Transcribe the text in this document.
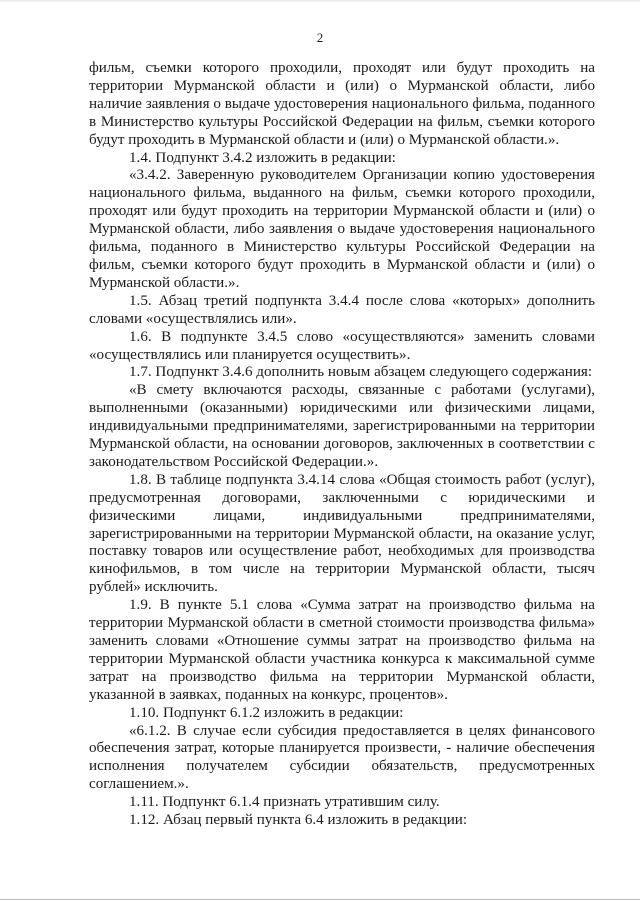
2

фильм, съемки которого проходили, проходят или будут проходить на территории Мурманской области и (или) о Мурманской области, либо наличие заявления о выдаче удостоверения национального фильма, поданного в Министерство культуры Российской Федерации на фильм, съемки которого будут проходить в Мурманской области и (или) о Мурманской области.».

1.4. Подпункт 3.4.2 изложить в редакции:

«3.4.2. Заверенную руководителем Организации копию удостоверения национального фильма, выданного на фильм, съемки которого проходили, проходят или будут проходить на территории Мурманской области и (или) о Мурманской области, либо заявления о выдаче удостоверения национального фильма, поданного в Министерство культуры Российской Федерации на фильм, съемки которого будут проходить в Мурманской области и (или) о Мурманской области.».

1.5. Абзац третий подпункта 3.4.4 после слова «которых» дополнить словами «осуществлялись или».

1.6. В подпункте 3.4.5 слово «осуществляются» заменить словами «осуществлялись или планируется осуществить».

1.7. Подпункт 3.4.6 дополнить новым абзацем следующего содержания:

«В смету включаются расходы, связанные с работами (услугами), выполненными (оказанными) юридическими или физическими лицами, индивидуальными предпринимателями, зарегистрированными на территории Мурманской области, на основании договоров, заключенных в соответствии с законодательством Российской Федерации.».

1.8. В таблице подпункта 3.4.14 слова «Общая стоимость работ (услуг), предусмотренная договорами, заключенными с юридическими и физическими лицами, индивидуальными предпринимателями, зарегистрированными на территории Мурманской области, на оказание услуг, поставку товаров или осуществление работ, необходимых для производства кинофильмов, в том числе на территории Мурманской области, тысяч рублей» исключить.

1.9. В пункте 5.1 слова «Сумма затрат на производство фильма на территории Мурманской области в сметной стоимости производства фильма» заменить словами «Отношение суммы затрат на производство фильма на территории Мурманской области участника конкурса к максимальной сумме затрат на производство фильма на территории Мурманской области, указанной в заявках, поданных на конкурс, процентов».

1.10. Подпункт 6.1.2 изложить в редакции:

«6.1.2. В случае если субсидия предоставляется в целях финансового обеспечения затрат, которые планируется произвести, - наличие обеспечения исполнения получателем субсидии обязательств, предусмотренных соглашением.».

1.11. Подпункт 6.1.4 признать утратившим силу.

1.12. Абзац первый пункта 6.4 изложить в редакции:
